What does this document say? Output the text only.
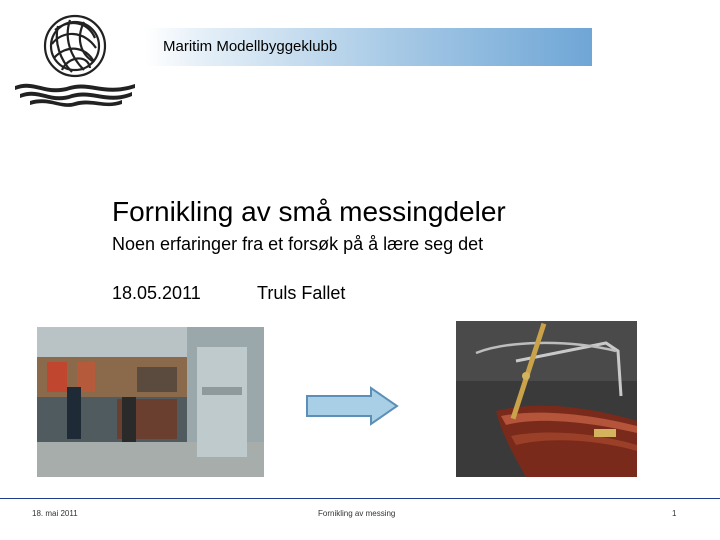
Maritim Modellbyggeklubb
Fornikling av små messingdeler
Noen erfaringer fra et forsøk på å lære seg det
18.05.2011	Truls Fallet
18. mai 2011	Fornikling av messing	1
